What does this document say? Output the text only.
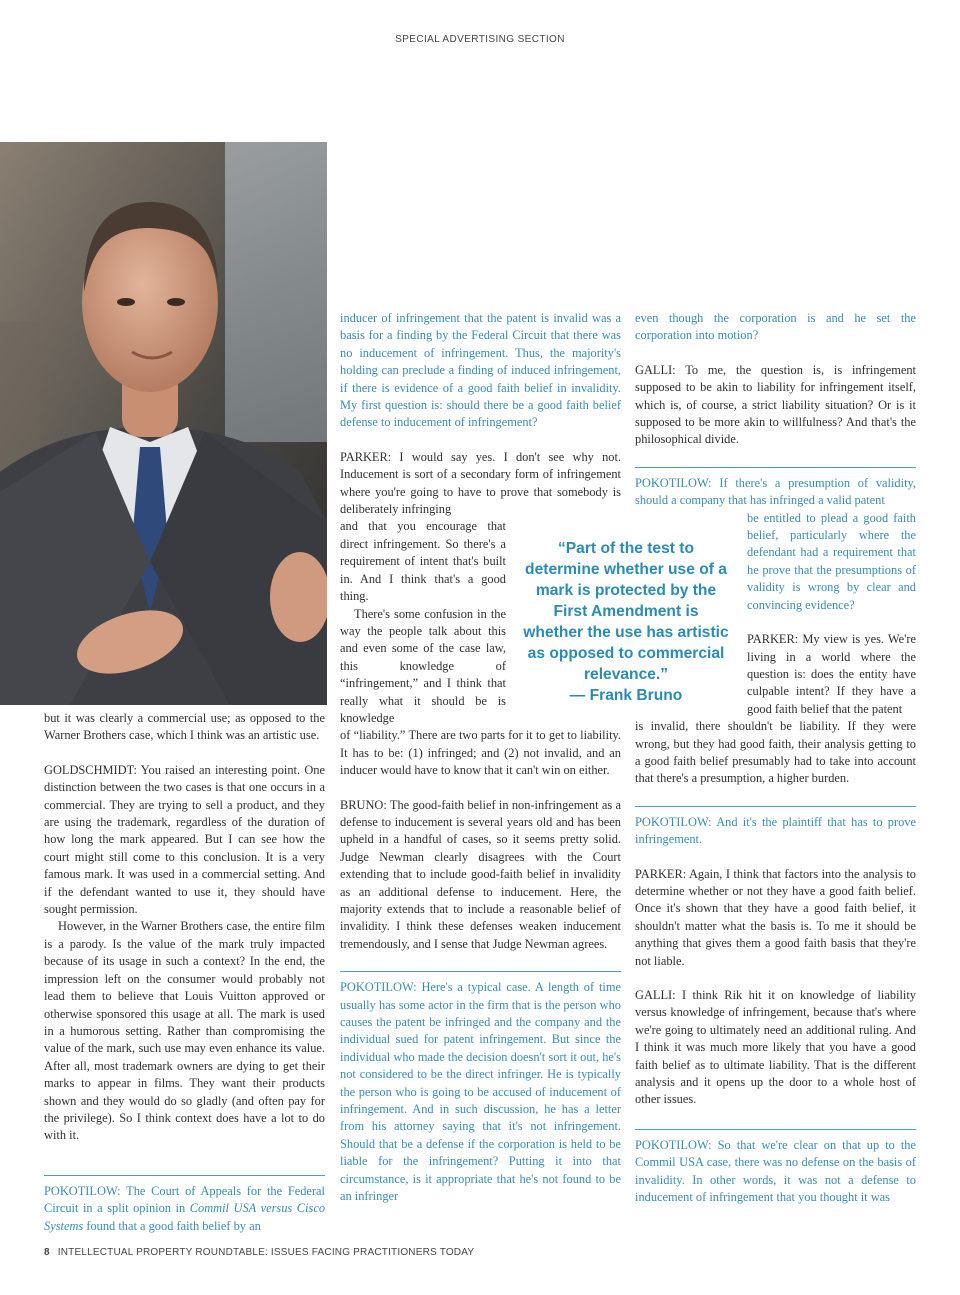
SPECIAL ADVERTISING SECTION

but it was clearly a commercial use; as opposed to the Warner Brothers case, which I think was an artistic use.

GOLDSCHMIDT: You raised an interesting point. One distinction between the two cases is that one occurs in a commercial. They are trying to sell a product, and they are using the trademark, regardless of the duration of how long the mark appeared. But I can see how the court might still come to this conclusion. It is a very famous mark. It was used in a commercial setting. And if the defendant wanted to use it, they should have sought permission.

However, in the Warner Brothers case, the entire film is a parody. Is the value of the mark truly impacted because of its usage in such a context? In the end, the impression left on the consumer would probably not lead them to believe that Louis Vuitton approved or otherwise sponsored this usage at all. The mark is used in a humorous setting. Rather than compromising the value of the mark, such use may even enhance its value. After all, most trademark owners are dying to get their marks to appear in films. They want their products shown and they would do so gladly (and often pay for the privilege). So I think context does have a lot to do with it.

POKOTILOW: The Court of Appeals for the Federal Circuit in a split opinion in Commil USA versus Cisco Systems found that a good faith belief by an

inducer of infringement that the patent is invalid was a basis for a finding by the Federal Circuit that there was no inducement of infringement. Thus, the majority's holding can preclude a finding of induced infringement, if there is evidence of a good faith belief in invalidity. My first question is: should there be a good faith belief defense to inducement of infringement?

PARKER: I would say yes. I don't see why not. Inducement is sort of a secondary form of infringement where you're going to have to prove that somebody is deliberately infringing

and that you encourage that direct infringement. So there's a requirement of intent that's built in. And I think that's a good thing.

There's some confusion in the way the people talk about this and even some of the case law, this knowledge of “infringement,” and I think that really what it should be is knowledge

of “liability.” There are two parts for it to get to liability. It has to be: (1) infringed; and (2) not invalid, and an inducer would have to know that it can't win on either.

BRUNO: The good-faith belief in non-infringement as a defense to inducement is several years old and has been upheld in a handful of cases, so it seems pretty solid. Judge Newman clearly disagrees with the Court extending that to include good-faith belief in invalidity as an additional defense to inducement. Here, the majority extends that to include a reasonable belief of invalidity. I think these defenses weaken inducement tremendously, and I sense that Judge Newman agrees.

POKOTILOW: Here's a typical case. A length of time usually has some actor in the firm that is the person who causes the patent be infringed and the company and the individual sued for patent infringement. But since the individual who made the decision doesn't sort it out, he's not considered to be the direct infringer. He is typically the person who is going to be accused of inducement of infringement. And in such discussion, he has a letter from his attorney saying that it's not infringement. Should that be a defense if the corporation is held to be liable for the infringement? Putting it into that circumstance, is it appropriate that he's not found to be an infringer

“Part of the test to determine whether use of a mark is protected by the First Amendment is whether the use has artistic as opposed to commercial relevance.”
— Frank Bruno

even though the corporation is and he set the corporation into motion?

GALLI: To me, the question is, is infringement supposed to be akin to liability for infringement itself, which is, of course, a strict liability situation? Or is it supposed to be more akin to willfulness? And that's the philosophical divide.

POKOTILOW: If there's a presumption of validity, should a company that has infringed a valid patent

be entitled to plead a good faith belief, particularly where the defendant had a requirement that he prove that the presumptions of validity is wrong by clear and convincing evidence?

PARKER: My view is yes. We're living in a world where the question is: does the entity have culpable intent? If they have a good faith belief that the patent

is invalid, there shouldn't be liability. If they were wrong, but they had good faith, their analysis getting to a good faith belief presumably had to take into account that there's a presumption, a higher burden.

POKOTILOW: And it's the plaintiff that has to prove infringement.

PARKER: Again, I think that factors into the analysis to determine whether or not they have a good faith belief. Once it's shown that they have a good faith belief, it shouldn't matter what the basis is. To me it should be anything that gives them a good faith basis that they're not liable.

GALLI: I think Rik hit it on knowledge of liability versus knowledge of infringement, because that's where we're going to ultimately need an additional ruling. And I think it was much more likely that you have a good faith belief as to ultimate liability. That is the different analysis and it opens up the door to a whole host of other issues.

POKOTILOW: So that we're clear on that up to the Commil USA case, there was no defense on the basis of invalidity. In other words, it was not a defense to inducement of infringement that you thought it was

8 INTELLECTUAL PROPERTY ROUNDTABLE: ISSUES FACING PRACTITIONERS TODAY
